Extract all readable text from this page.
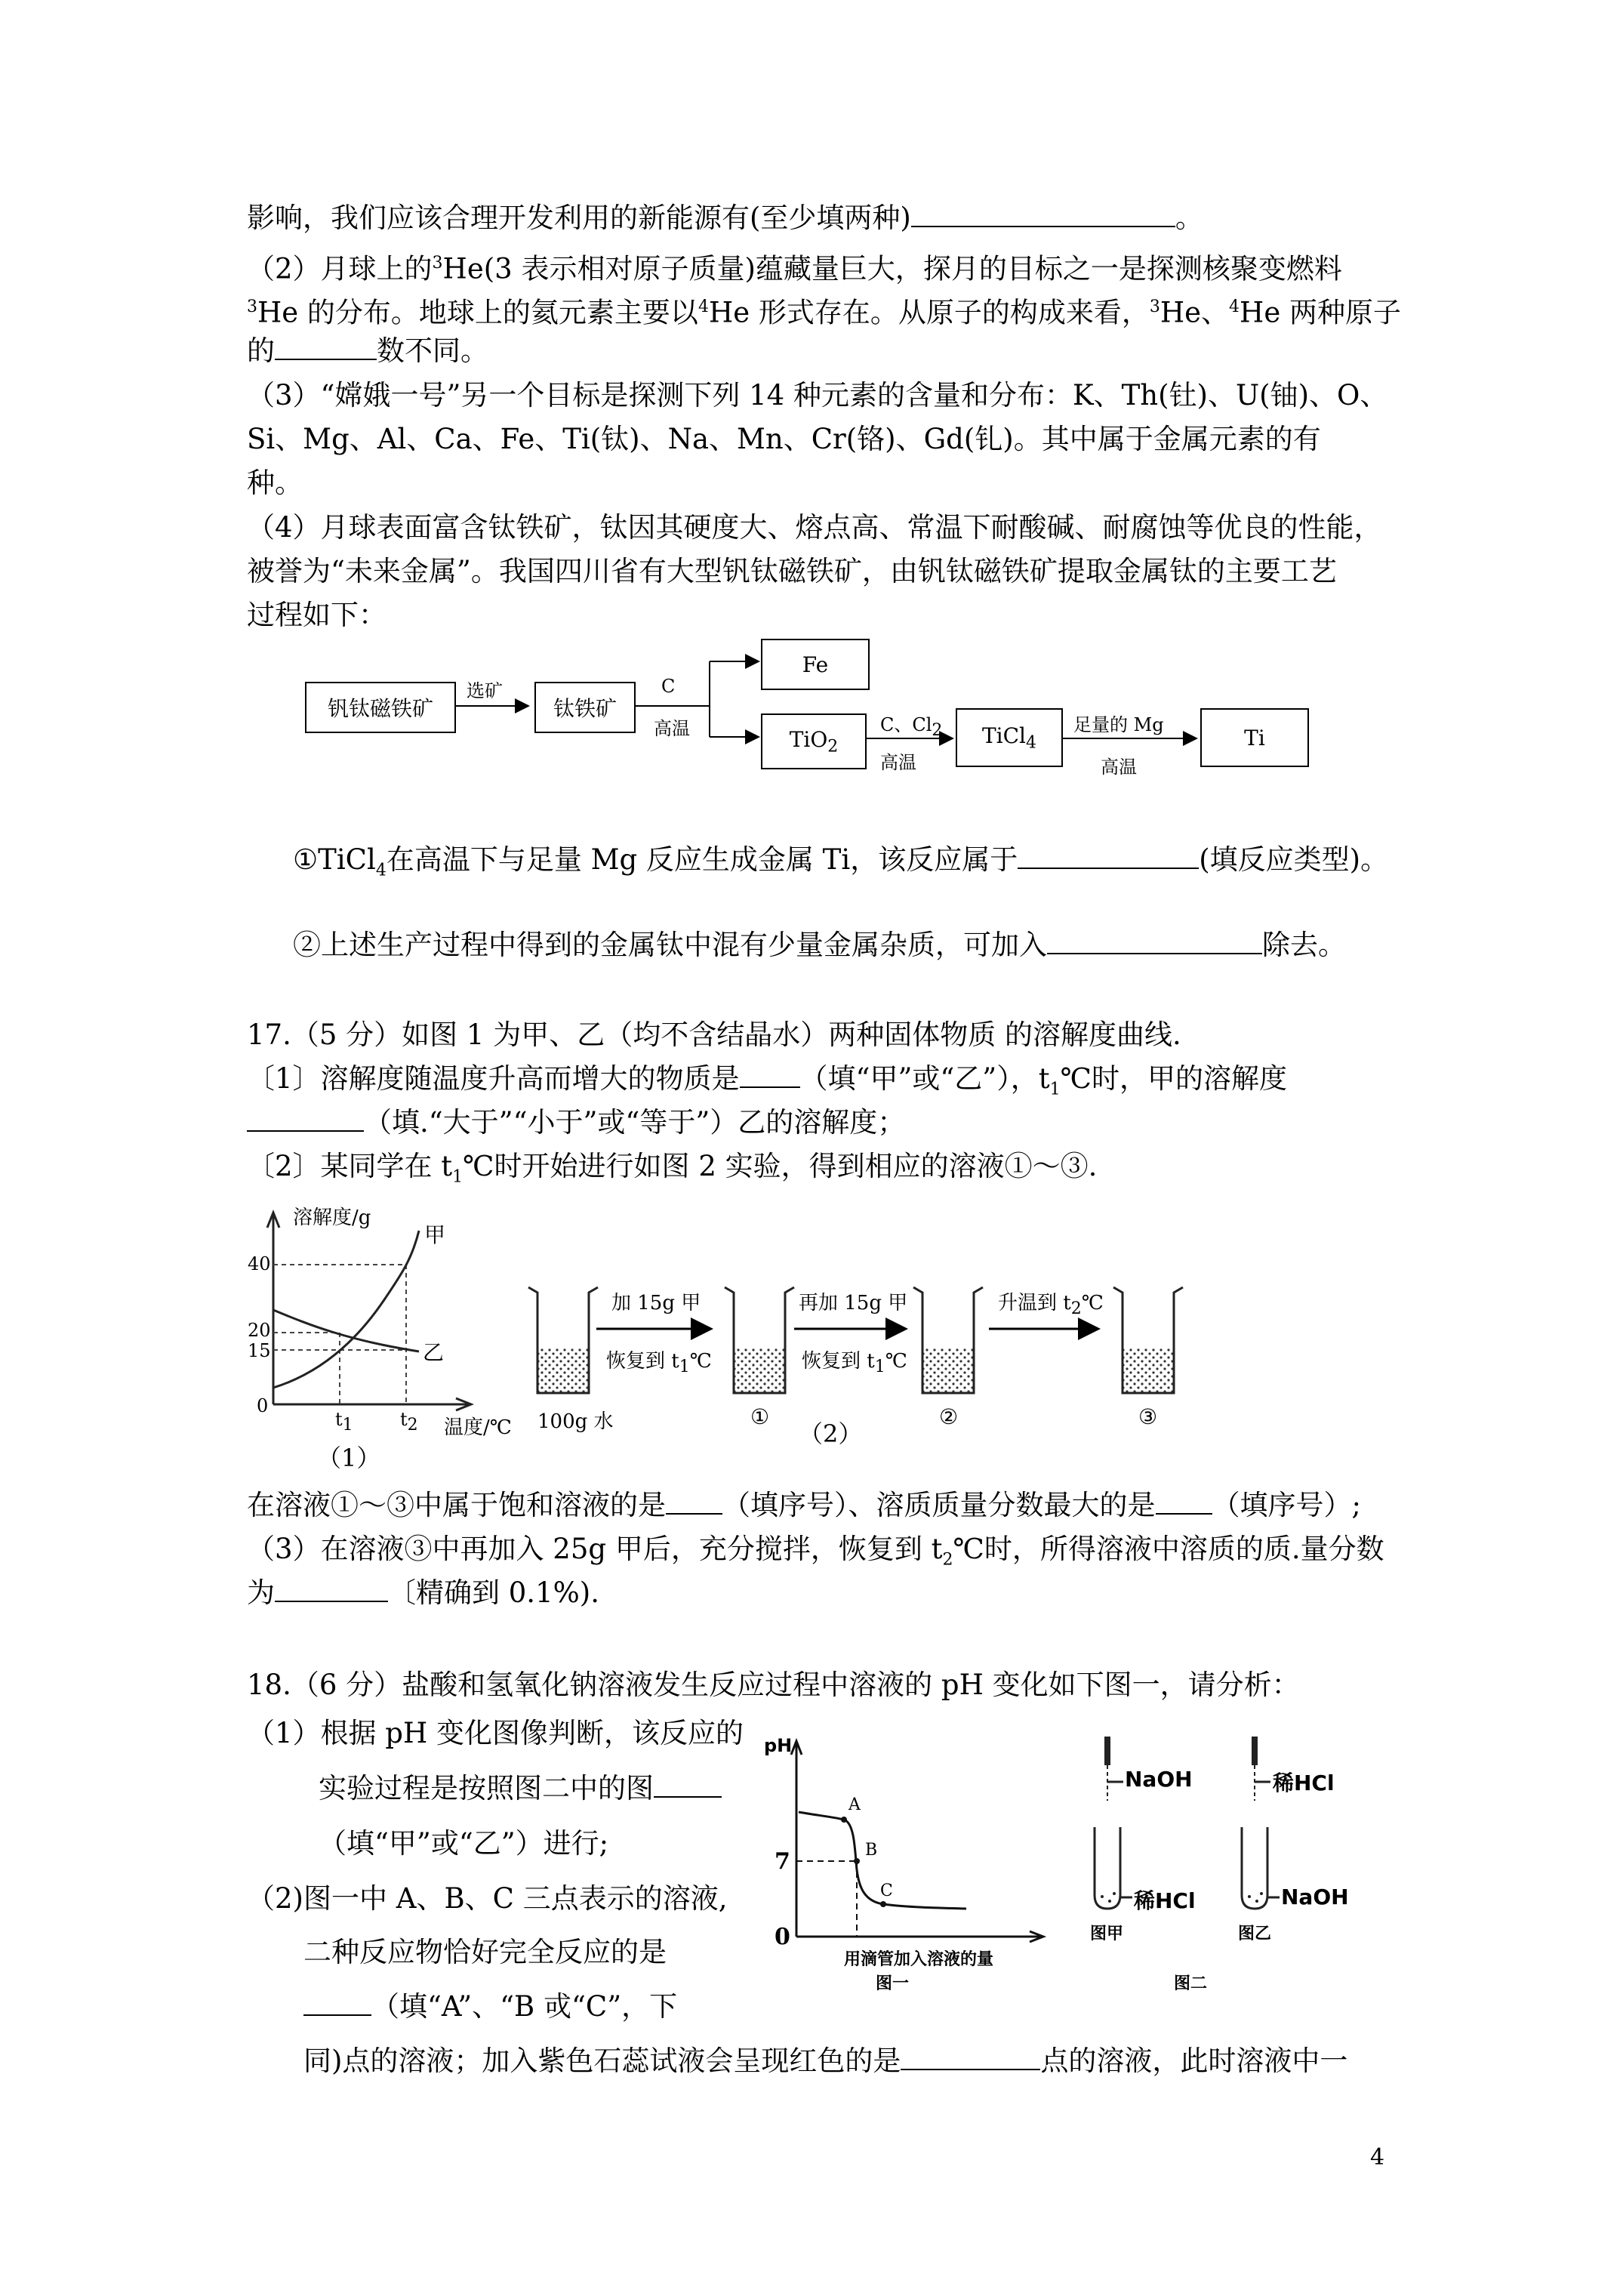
影响，我们应该合理开发利用的新能源有(至少填两种)	。
（2）月球上的$^3$He(3 表示相对原子质量)蕴藏量巨大，探月的目标之一是探测核聚变燃料
$^3$He 的分布。地球上的氦元素主要以$^4$He 形式存在。从原子的构成来看，$^3$He、$^4$He 两种原子
的	数不同。
（3）“嫦娥一号”另一个目标是探测下列 14 种元素的含量和分布：K、Th(钍)、U(铀)、O、
Si、Mg、Al、Ca、Fe、Ti(钛)、Na、Mn、Cr(铬)、Gd(钆)。其中属于金属元素的有
种。
（4）月球表面富含钛铁矿，钛因其硬度大、熔点高、常温下耐酸碱、耐腐蚀等优良的性能，
被誉为“未来金属”。我国四川省有大型钒钛磁铁矿，由钒钛磁铁矿提取金属钛的主要工艺
过程如下：
钒钛磁铁矿
选矿
钛铁矿
C
高温
Fe
TiO$_2$
C、$Cl_2$
高温
TiCl$_4$
足量的 Mg
高温
Ti
①TiCl$_4$在高温下与足量 Mg 反应生成金属 Ti，该反应属于	(填反应类型)。
②上述生产过程中得到的金属钛中混有少量金属杂质，可加入	除去。
17.（5 分）如图 1 为甲、乙（均不含结晶水）两种固体物质 的溶解度曲线.
〔1〕溶解度随温度升高而增大的物质是 （填“甲”或“乙”），$t_1℃$时，甲的溶解度
（填.“大于”“小于”或“等于”）乙的溶解度；
〔2〕某同学在 $t_1℃$时开始进行如图 2 实验，得到相应的溶液①～③.
溶解度/g
温度/℃
40
20
15
0
$t_1$	$t_2$
甲
乙
（1）
加 15g 甲
恢复到 $t_1℃$
再加 15g 甲
恢复到 $t_1℃$
升温到 $t_2℃$
100g 水	①	②	③
（2）
在溶液①～③中属于饱和溶液的是 （填序号）、溶质质量分数最大的是 （填序号）;
（3）在溶液③中再加入 25g 甲后，充分搅拌，恢复到 $t_2℃$时，所得溶液中溶质的质.量分数
为	〔精确到 0.1%).
18.（6 分）盐酸和氢氧化钠溶液发生反应过程中溶液的 pH 变化如下图一，请分析：
（1）根据 pH 变化图像判断，该反应的
实验过程是按照图二中的图
（填“甲”或“乙”）进行;
（2)图一中 A、B、C 三点表示的溶液,
二种反应物恰好完全反应的是
（填“A”、“B 戓“C”，下
同)点的溶液；加入紫色石蕊试液会呈现红色的是	点的溶液，此时溶液中一
pH
7
0
A
B
C
用滴管加入溶液的量
图一
NaOH
稀HCl
图甲
稀HCl
NaOH
图乙
图二
4
